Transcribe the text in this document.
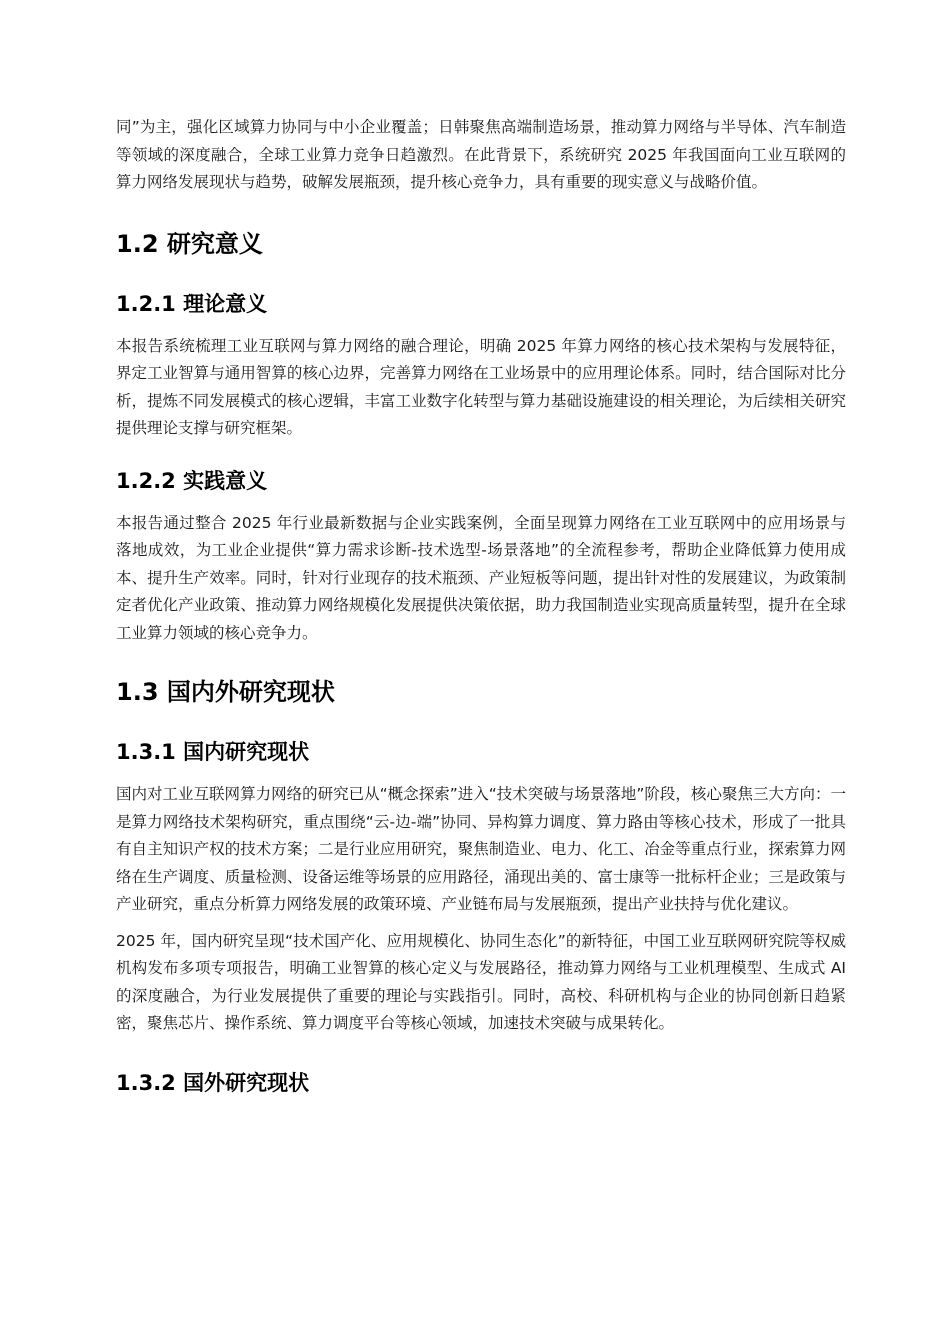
同”为主，强化区域算力协同与中小企业覆盖；日韩聚焦高端制造场景，推动算力网络与半导体、汽车制造等领域的深度融合，全球工业算力竞争日趋激烈。在此背景下，系统研究 2025 年我国面向工业互联网的算力网络发展现状与趋势，破解发展瓶颈，提升核心竞争力，具有重要的现实意义与战略价值。

1.2 研究意义
1.2.1 理论意义

本报告系统梳理工业互联网与算力网络的融合理论，明确 2025 年算力网络的核心技术架构与发展特征，界定工业智算与通用智算的核心边界，完善算力网络在工业场景中的应用理论体系。同时，结合国际对比分析，提炼不同发展模式的核心逻辑，丰富工业数字化转型与算力基础设施建设的相关理论，为后续相关研究提供理论支撑与研究框架。

1.2.2 实践意义

本报告通过整合 2025 年行业最新数据与企业实践案例，全面呈现算力网络在工业互联网中的应用场景与落地成效，为工业企业提供“算力需求诊断-技术选型-场景落地”的全流程参考，帮助企业降低算力使用成本、提升生产效率。同时，针对行业现存的技术瓶颈、产业短板等问题，提出针对性的发展建议，为政策制定者优化产业政策、推动算力网络规模化发展提供决策依据，助力我国制造业实现高质量转型，提升在全球工业算力领域的核心竞争力。

1.3 国内外研究现状
1.3.1 国内研究现状

国内对工业互联网算力网络的研究已从“概念探索”进入“技术突破与场景落地”阶段，核心聚焦三大方向：一是算力网络技术架构研究，重点围绕“云-边-端”协同、异构算力调度、算力路由等核心技术，形成了一批具有自主知识产权的技术方案；二是行业应用研究，聚焦制造业、电力、化工、冶金等重点行业，探索算力网络在生产调度、质量检测、设备运维等场景的应用路径，涌现出美的、富士康等一批标杆企业；三是政策与产业研究，重点分析算力网络发展的政策环境、产业链布局与发展瓶颈，提出产业扶持与优化建议。

2025 年，国内研究呈现“技术国产化、应用规模化、协同生态化”的新特征，中国工业互联网研究院等权威机构发布多项专项报告，明确工业智算的核心定义与发展路径，推动算力网络与工业机理模型、生成式 AI 的深度融合，为行业发展提供了重要的理论与实践指引。同时，高校、科研机构与企业的协同创新日趋紧密，聚焦芯片、操作系统、算力调度平台等核心领域，加速技术突破与成果转化。

1.3.2 国外研究现状
